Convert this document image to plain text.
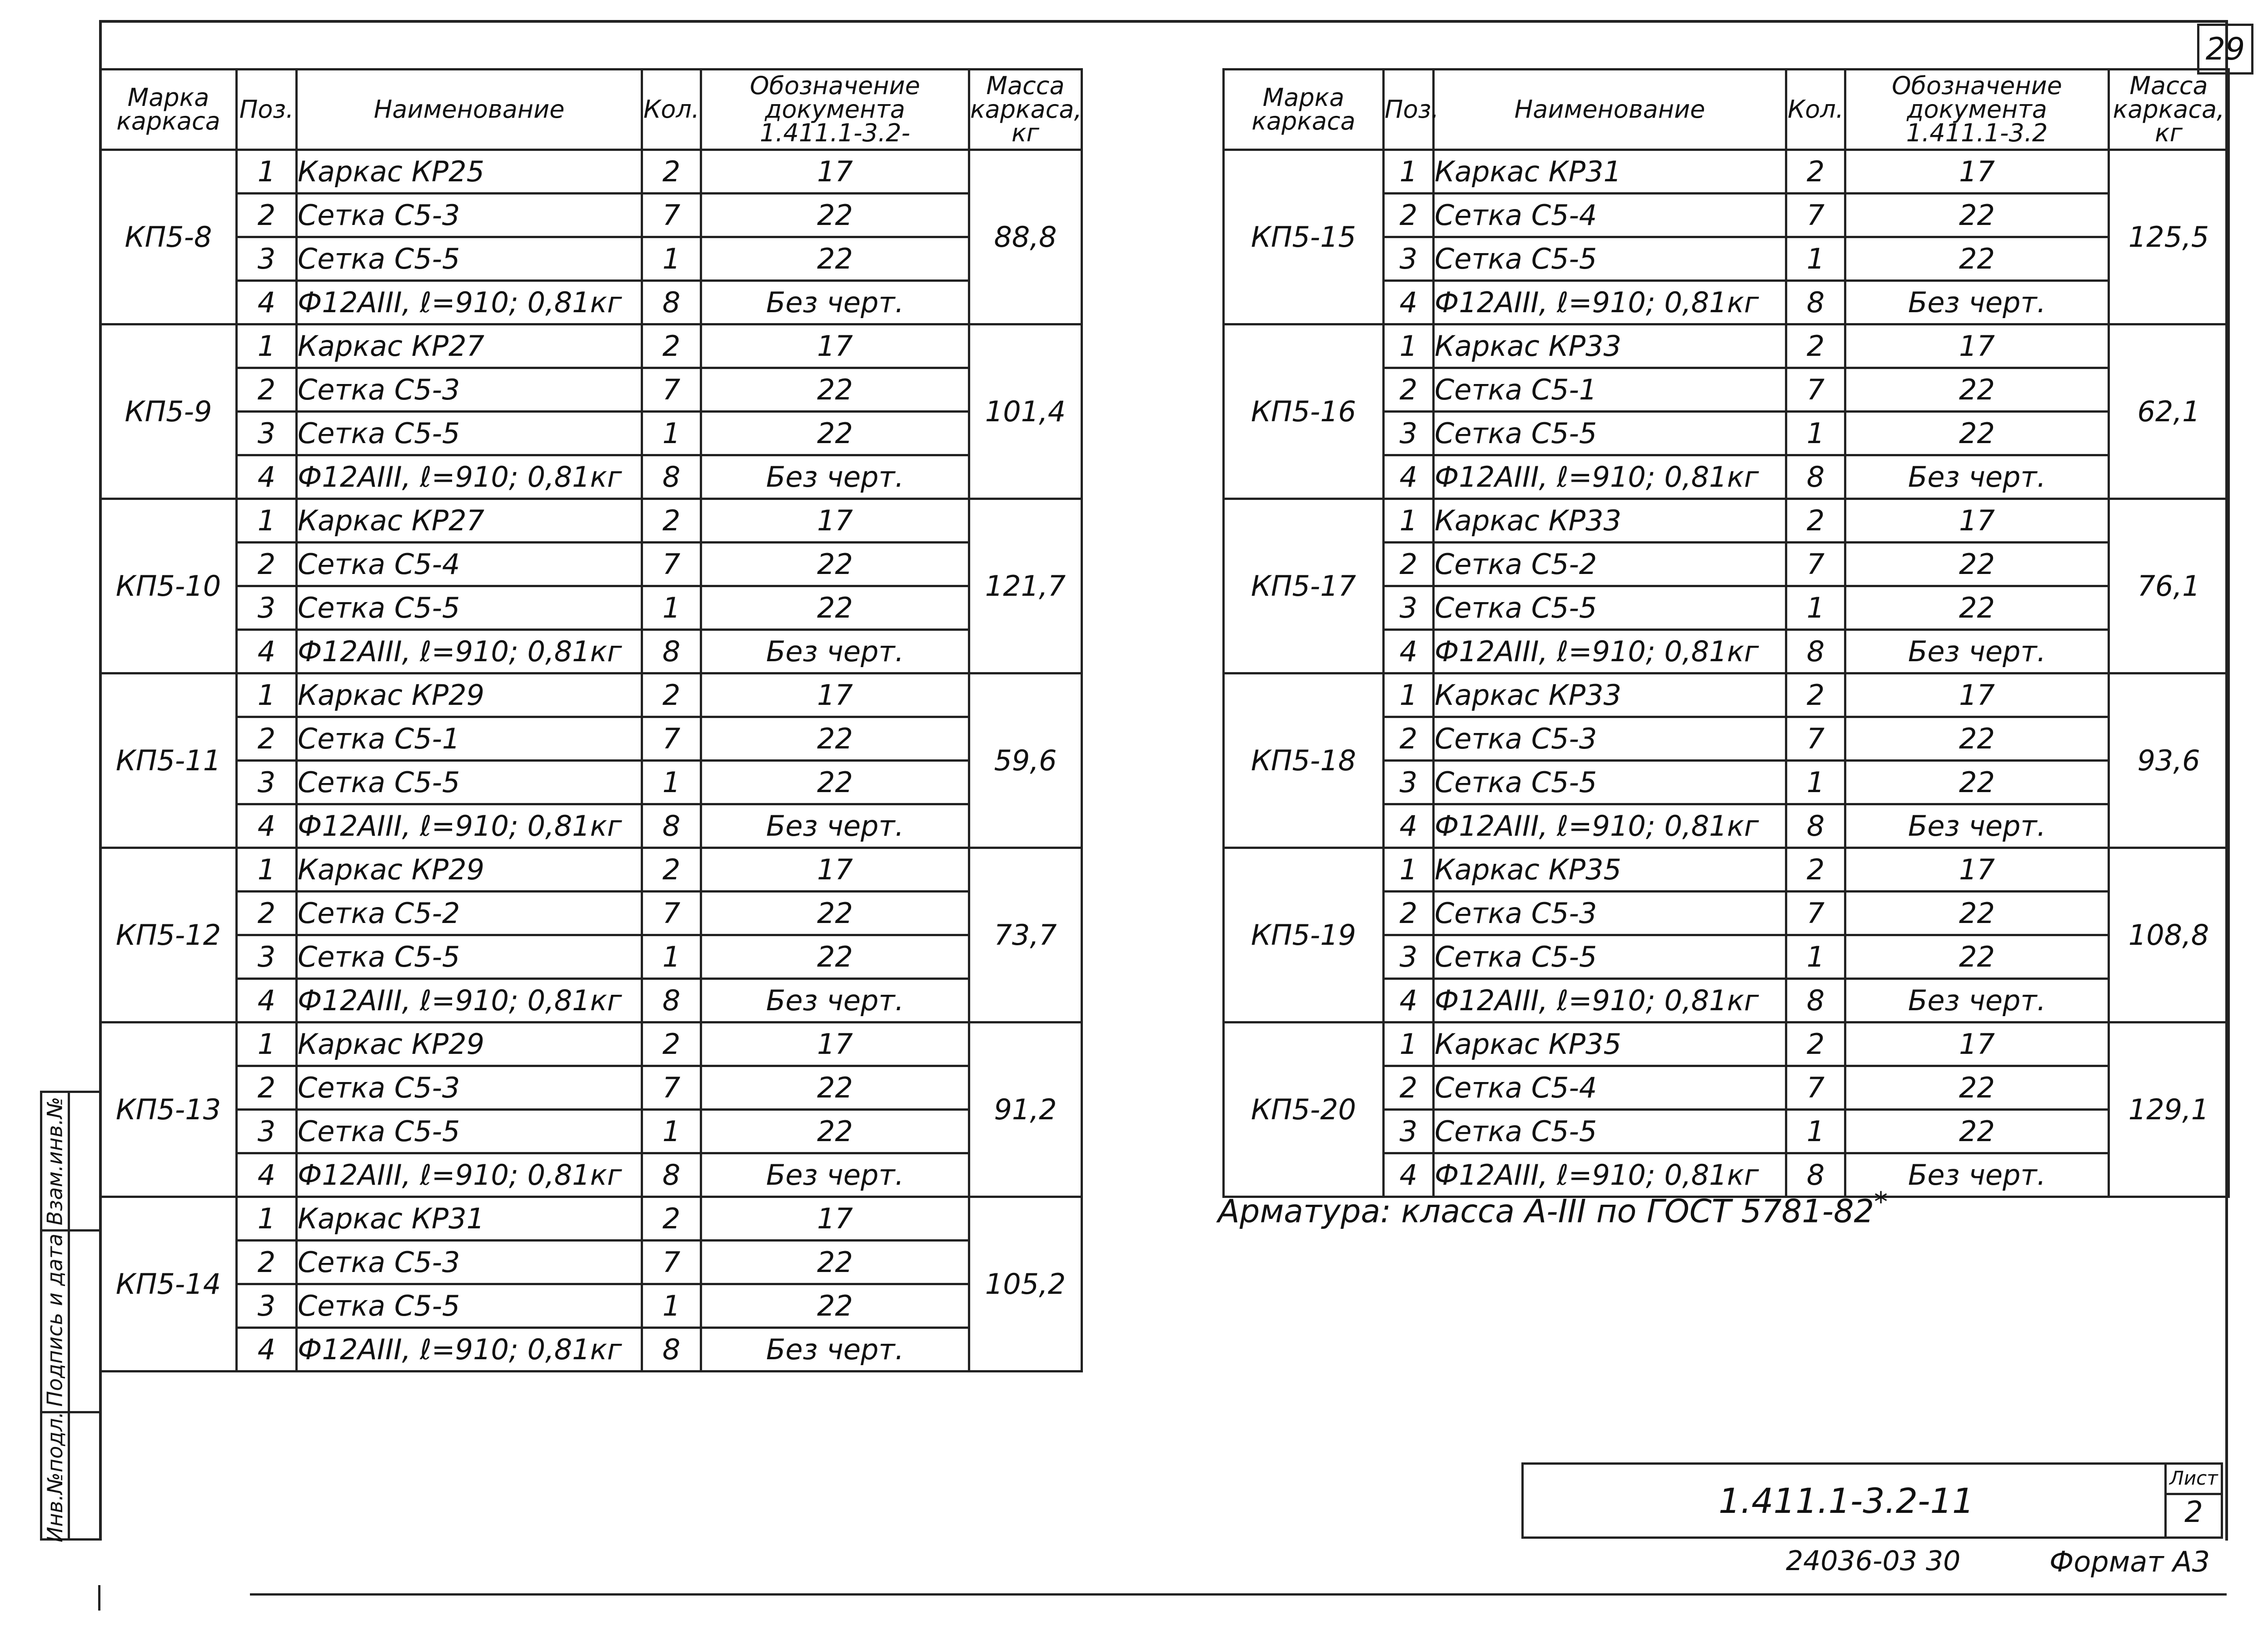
29
Марка
каркаса	Поз.	Наименование	Кол.	Обозначение
документа
1.411.1-3.2-	Масса
каркаса,
кг

КП5-8	1	Каркас КР25	2	17	88,8
	2	Сетка С5-3	7	22	
	3	Сетка С5-5	1	22	
	4	Ф12АIII, ℓ=910; 0,81кг	8	Без черт.	
КП5-9	1	Каркас КР27	2	17	101,4
	2	Сетка С5-3	7	22	
	3	Сетка С5-5	1	22	
	4	Ф12АIII, ℓ=910; 0,81кг	8	Без черт.	
КП5-10	1	Каркас КР27	2	17	121,7
	2	Сетка С5-4	7	22	
	3	Сетка С5-5	1	22	
	4	Ф12АIII, ℓ=910; 0,81кг	8	Без черт.	
КП5-11	1	Каркас КР29	2	17	59,6
	2	Сетка С5-1	7	22	
	3	Сетка С5-5	1	22	
	4	Ф12АIII, ℓ=910; 0,81кг	8	Без черт.	
КП5-12	1	Каркас КР29	2	17	73,7
	2	Сетка С5-2	7	22	
	3	Сетка С5-5	1	22	
	4	Ф12АIII, ℓ=910; 0,81кг	8	Без черт.	
КП5-13	1	Каркас КР29	2	17	91,2
	2	Сетка С5-3	7	22	
	3	Сетка С5-5	1	22	
	4	Ф12АIII, ℓ=910; 0,81кг	8	Без черт.	
КП5-14	1	Каркас КР31	2	17	105,2
	2	Сетка С5-3	7	22	
	3	Сетка С5-5	1	22	
	4	Ф12АIII, ℓ=910; 0,81кг	8	Без черт.	
Марка
каркаса	Поз.	Наименование	Кол.	Обозначение
документа
1.411.1-3.2	Масса
каркаса,
кг

КП5-15	1	Каркас КР31	2	17	125,5
	2	Сетка С5-4	7	22	
	3	Сетка С5-5	1	22	
	4	Ф12АIII, ℓ=910; 0,81кг	8	Без черт.	
КП5-16	1	Каркас КР33	2	17	62,1
	2	Сетка С5-1	7	22	
	3	Сетка С5-5	1	22	
	4	Ф12АIII, ℓ=910; 0,81кг	8	Без черт.	
КП5-17	1	Каркас КР33	2	17	76,1
	2	Сетка С5-2	7	22	
	3	Сетка С5-5	1	22	
	4	Ф12АIII, ℓ=910; 0,81кг	8	Без черт.	
КП5-18	1	Каркас КР33	2	17	93,6
	2	Сетка С5-3	7	22	
	3	Сетка С5-5	1	22	
	4	Ф12АIII, ℓ=910; 0,81кг	8	Без черт.	
КП5-19	1	Каркас КР35	2	17	108,8
	2	Сетка С5-3	7	22	
	3	Сетка С5-5	1	22	
	4	Ф12АIII, ℓ=910; 0,81кг	8	Без черт.	
КП5-20	1	Каркас КР35	2	17	129,1
	2	Сетка С5-4	7	22	
	3	Сетка С5-5	1	22	
	4	Ф12АIII, ℓ=910; 0,81кг	8	Без черт.	
Арматура: класса А-III по ГОСТ 5781-82*
1.411.1-3.2-11
Лист
2
24036-03 30	Формат А3
Взам.инв.№
Подпись и дата
Инв.№подл.
